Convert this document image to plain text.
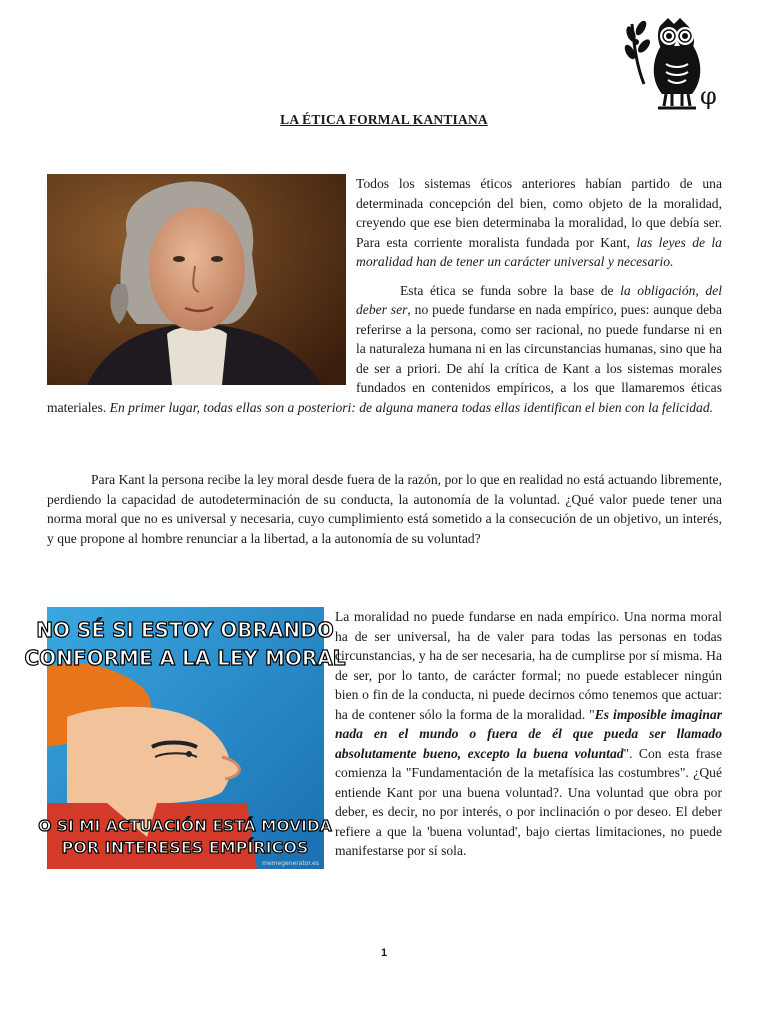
φ
LA ÉTICA FORMAL KANTIANA
Todos los sistemas éticos anteriores habían partido de una determinada concepción del bien, como objeto de la moralidad, creyendo que ese bien determinaba la moralidad, lo que debía ser. Para esta corriente moralista fundada por Kant, las leyes de la moralidad han de tener un carácter universal y necesario.

Esta ética se funda sobre la base de la obligación, del deber ser, no puede fundarse en nada empírico, pues: aunque deba referirse a la persona, como ser racional, no puede fundarse ni en la naturaleza humana ni en las circunstancias humanas, sino que ha de ser a priori. De ahí la crítica de Kant a los sistemas morales fundados en contenidos empíricos, a los que llamaremos éticas materiales. En primer lugar, todas ellas son a posteriori: de alguna manera todas ellas identifican el bien con la felicidad.

Para Kant la persona recibe la ley moral desde fuera de la razón, por lo que en realidad no está actuando libremente, perdiendo la capacidad de autodeterminación de su conducta, la autonomía de la voluntad. ¿Qué valor puede tener una norma moral que no es universal y necesaria, cuyo cumplimiento está sometido a la consecución de un objetivo, un interés, y que propone al hombre renunciar a la libertad, a la autonomía de su voluntad?

NO SÉ SI ESTOY OBRANDO
CONFORME A LA LEY MORAL
O SI MI ACTUACIÓN ESTÁ MOVIDA
POR INTERESES EMPÍRICOS
memegenerator.es
La moralidad no puede fundarse en nada empírico. Una norma moral ha de ser universal, ha de valer para todas las personas en todas circunstancias, y ha de ser necesaria, ha de cumplirse por sí misma. Ha de ser, por lo tanto, de carácter formal; no puede establecer ningún bien o fin de la conducta, ni puede decirnos cómo tenemos que actuar: ha de contener sólo la forma de la moralidad. "Es imposible imaginar nada en el mundo o fuera de él que pueda ser llamado absolutamente bueno, excepto la buena voluntad". Con esta frase comienza la "Fundamentación de la metafísica las costumbres". ¿Qué entiende Kant por una buena voluntad?. Una voluntad que obra por deber, es decir, no por interés, o por inclinación o por deseo. El deber refiere a que la 'buena voluntad', bajo ciertas limitaciones, no puede manifestarse por sí sola.
1
